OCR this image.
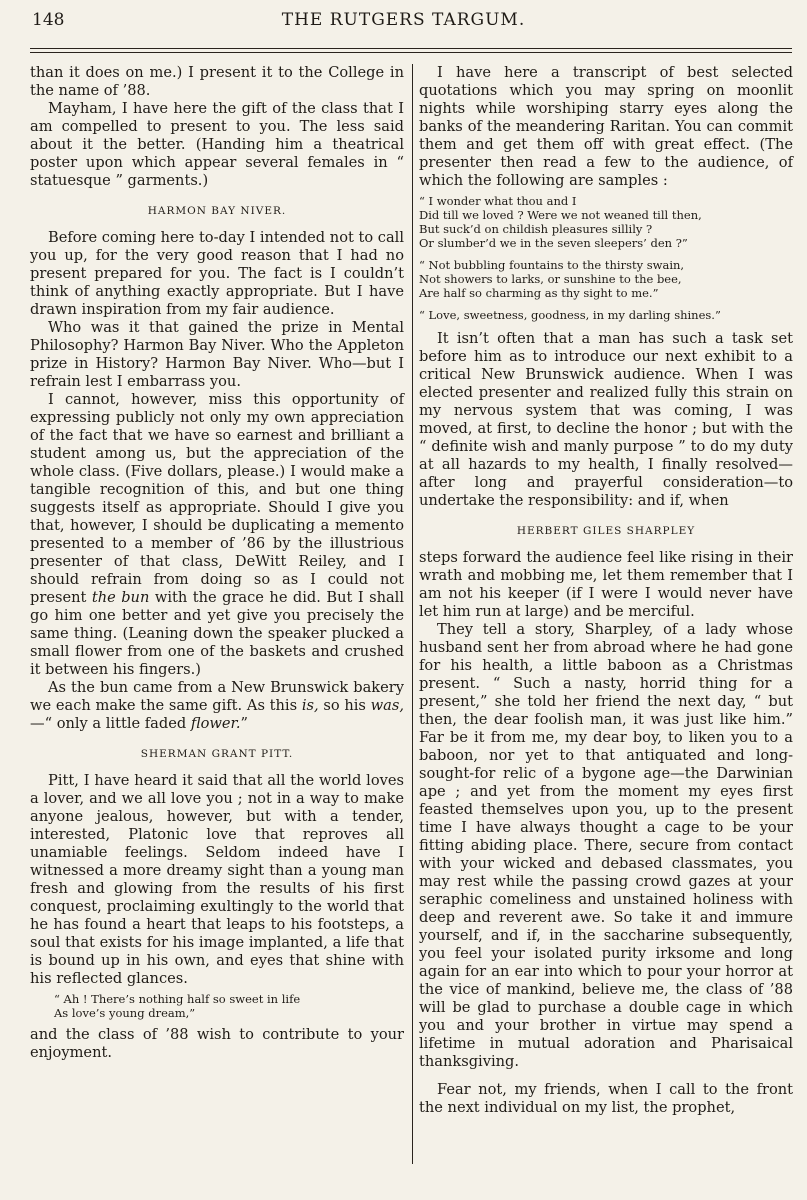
148	THE RUTGERS TARGUM.

than it does on me.) I present it to the College in the name of ’88.

Mayham, I have here the gift of the class that I am compelled to present to you. The less said about it the better. (Handing him a theatrical poster upon which appear several females in “ statuesque ” garments.)

HARMON BAY NIVER.

Before coming here to-day I intended not to call you up, for the very good reason that I had no present prepared for you. The fact is I couldn’t think of anything exactly appropriate. But I have drawn inspiration from my fair audience.

Who was it that gained the prize in Mental Philosophy? Harmon Bay Niver. Who the Appleton prize in History? Harmon Bay Niver. Who—but I refrain lest I embarrass you.

I cannot, however, miss this opportunity of expressing publicly not only my own appreciation of the fact that we have so earnest and brilliant a student among us, but the appreciation of the whole class. (Five dollars, please.) I would make a tangible recognition of this, and but one thing suggests itself as appropriate. Should I give you that, however, I should be duplicating a memento presented to a member of ’86 by the illustrious presenter of that class, DeWitt Reiley, and I should refrain from doing so as I could not present the bun with the grace he did. But I shall go him one better and yet give you precisely the same thing. (Leaning down the speaker plucked a small flower from one of the baskets and crushed it between his fingers.)

As the bun came from a New Brunswick bakery we each make the same gift. As this is, so his was,—“ only a little faded flower.”

SHERMAN GRANT PITT.

Pitt, I have heard it said that all the world loves a lover, and we all love you ; not in a way to make anyone jealous, however, but with a tender, interested, Platonic love that reproves all unamiable feelings. Seldom indeed have I witnessed a more dreamy sight than a young man fresh and glowing from the results of his first conquest, proclaiming exultingly to the world that he has found a heart that leaps to his footsteps, a soul that exists for his image implanted, a life that is bound up in his own, and eyes that shine with his reflected glances.

“ Ah ! There’s nothing half so sweet in life
As love’s young dream,”

and the class of ’88 wish to contribute to your enjoyment.

I have here a transcript of best selected quotations which you may spring on moonlit nights while worshiping starry eyes along the banks of the meandering Raritan. You can commit them and get them off with great effect. (The presenter then read a few to the audience, of which the following are samples :

“ I wonder what thou and I
Did till we loved ? Were we not weaned till then,
But suck’d on childish pleasures sillily ?
Or slumber’d we in the seven sleepers’ den ?”
“ Not bubbling fountains to the thirsty swain,
Not showers to larks, or sunshine to the bee,
Are half so charming as thy sight to me.”
“ Love, sweetness, goodness, in my darling shines.”

It isn’t often that a man has such a task set before him as to introduce our next exhibit to a critical New Brunswick audience. When I was elected presenter and realized fully this strain on my nervous system that was coming, I was moved, at first, to decline the honor ; but with the “ definite wish and manly purpose ” to do my duty at all hazards to my health, I finally resolved—after long and prayerful consideration—to undertake the responsibility: and if, when

HERBERT GILES SHARPLEY

steps forward the audience feel like rising in their wrath and mobbing me, let them remember that I am not his keeper (if I were I would never have let him run at large) and be merciful.

They tell a story, Sharpley, of a lady whose husband sent her from abroad where he had gone for his health, a little baboon as a Christmas present. “ Such a nasty, horrid thing for a present,” she told her friend the next day, “ but then, the dear foolish man, it was just like him.” Far be it from me, my dear boy, to liken you to a baboon, nor yet to that antiquated and long-sought-for relic of a bygone age—the Darwinian ape ; and yet from the moment my eyes first feasted themselves upon you, up to the present time I have always thought a cage to be your fitting abiding place. There, secure from contact with your wicked and debased classmates, you may rest while the passing crowd gazes at your seraphic comeliness and unstained holiness with deep and reverent awe. So take it and immure yourself, and if, in the saccharine subsequently, you feel your isolated purity irksome and long again for an ear into which to pour your horror at the vice of mankind, believe me, the class of ’88 will be glad to purchase a double cage in which you and your brother in virtue may spend a lifetime in mutual adoration and Pharisaical thanksgiving.

Fear not, my friends, when I call to the front the next individual on my list, the prophet,
